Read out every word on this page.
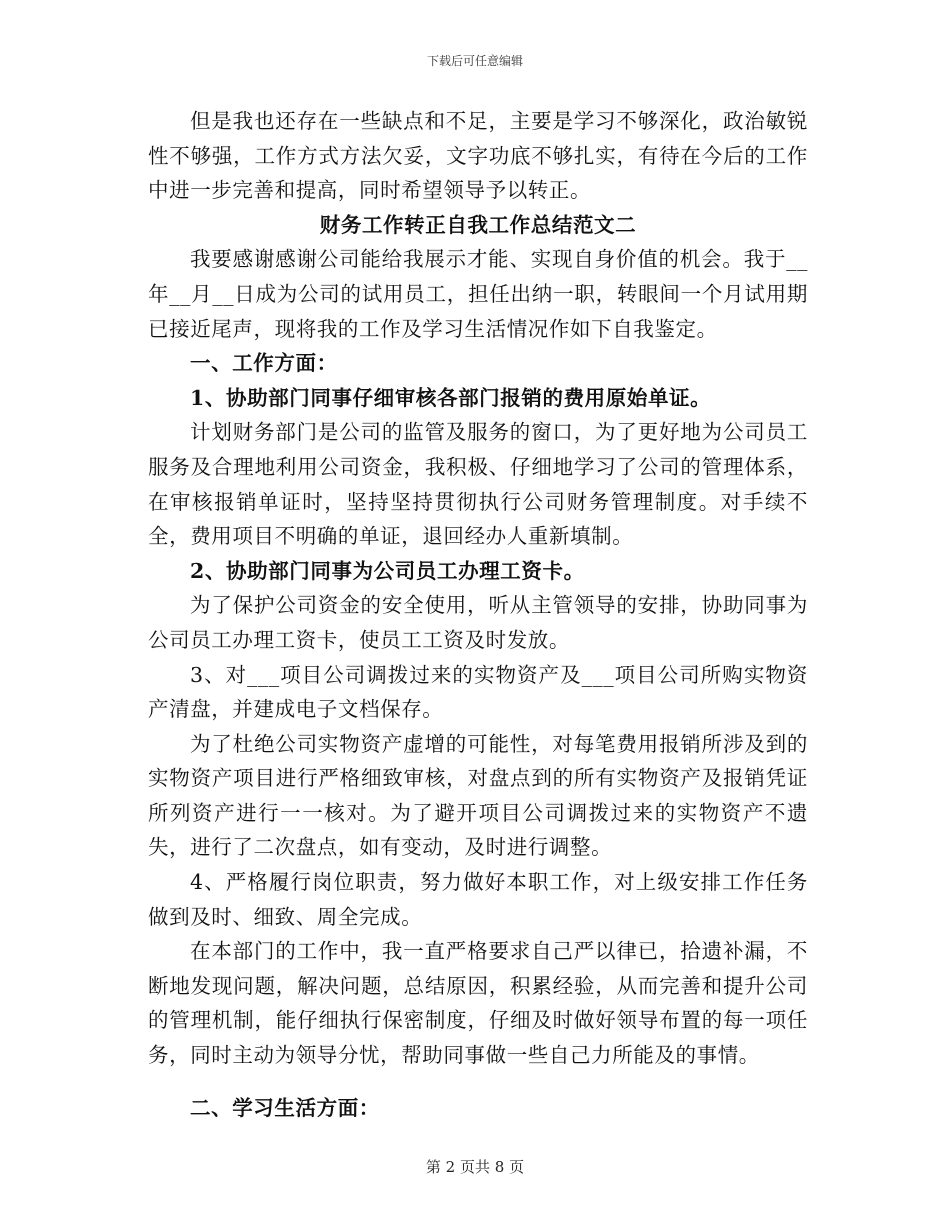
下载后可任意编辑

但是我也还存在一些缺点和不足，主要是学习不够深化，政治敏锐性不够强，工作方式方法欠妥，文字功底不够扎实，有待在今后的工作中进一步完善和提高，同时希望领导予以转正。

财务工作转正自我工作总结范文二

我要感谢感谢公司能给我展示才能、实现自身价值的机会。我于__年__月__日成为公司的试用员工，担任出纳一职，转眼间一个月试用期已接近尾声，现将我的工作及学习生活情况作如下自我鉴定。

一、工作方面：

1、协助部门同事仔细审核各部门报销的费用原始单证。

计划财务部门是公司的监管及服务的窗口，为了更好地为公司员工服务及合理地利用公司资金，我积极、仔细地学习了公司的管理体系，在审核报销单证时，坚持坚持贯彻执行公司财务管理制度。对手续不全，费用项目不明确的单证，退回经办人重新填制。

2、协助部门同事为公司员工办理工资卡。

为了保护公司资金的安全使用，听从主管领导的安排，协助同事为公司员工办理工资卡，使员工工资及时发放。

3、对___项目公司调拨过来的实物资产及___项目公司所购实物资产清盘，并建成电子文档保存。

为了杜绝公司实物资产虚增的可能性，对每笔费用报销所涉及到的实物资产项目进行严格细致审核，对盘点到的所有实物资产及报销凭证所列资产进行一一核对。为了避开项目公司调拨过来的实物资产不遗失，进行了二次盘点，如有变动，及时进行调整。

4、严格履行岗位职责，努力做好本职工作，对上级安排工作任务做到及时、细致、周全完成。

在本部门的工作中，我一直严格要求自己严以律已，拾遗补漏，不断地发现问题，解决问题，总结原因，积累经验，从而完善和提升公司的管理机制，能仔细执行保密制度，仔细及时做好领导布置的每一项任务，同时主动为领导分忧，帮助同事做一些自己力所能及的事情。

二、学习生活方面：

第 2 页共 8 页
